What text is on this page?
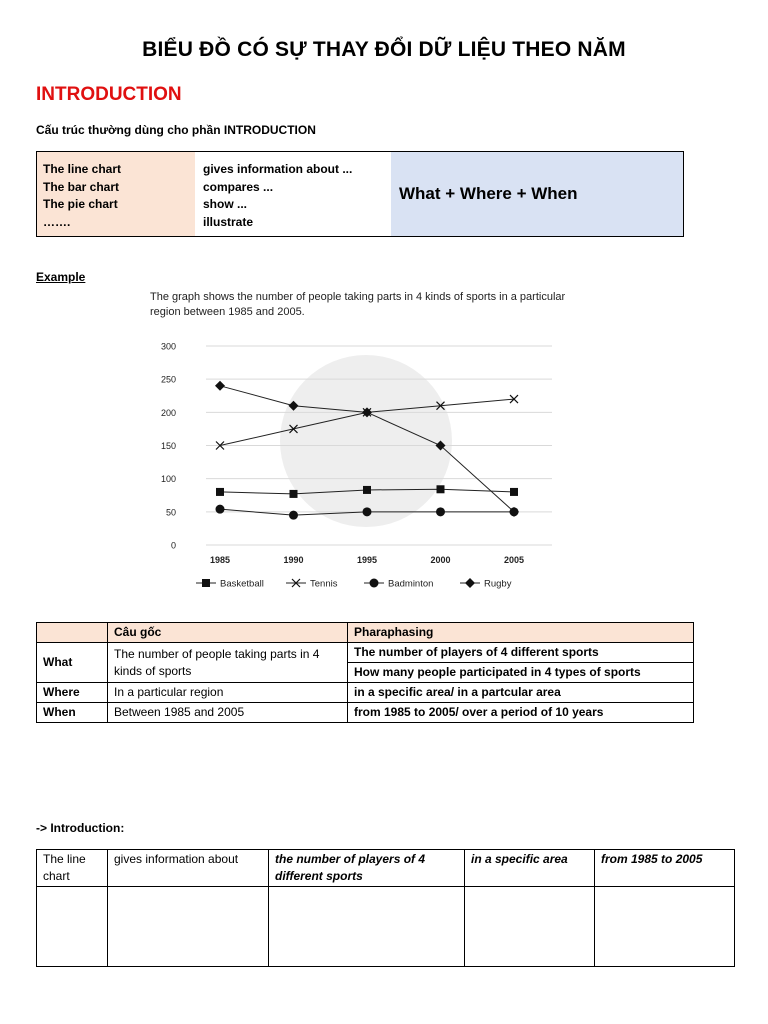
BIỂU ĐỒ CÓ SỰ THAY ĐỔI DỮ LIỆU THEO NĂM
INTRODUCTION
Cấu trúc thường dùng cho phần INTRODUCTION
The line chart
The bar chart
The pie chart
…….
gives information about ...
compares ...
show ...
illustrate
What + Where + When
Example
The graph shows the number of people taking parts in 4 kinds of sports in a particular region between 1985 and 2005.
0
50
100
150
200
250
300
1985	1990	1995	2000	2005
Basketball	Tennis	Badminton	Rugby
	Câu gốc	Pharaphasing
What	The number of people taking parts in 4 kinds of sports	The number of players of 4 different sports
		How many people participated in 4 types of sports
Where	In a particular region	in a specific area/ in a partcular area
When	Between 1985 and 2005	from 1985 to 2005/ over a period of 10 years
-> Introduction:
The line chart	gives information about	the number of players of 4 different sports	in a specific area	from 1985 to 2005
